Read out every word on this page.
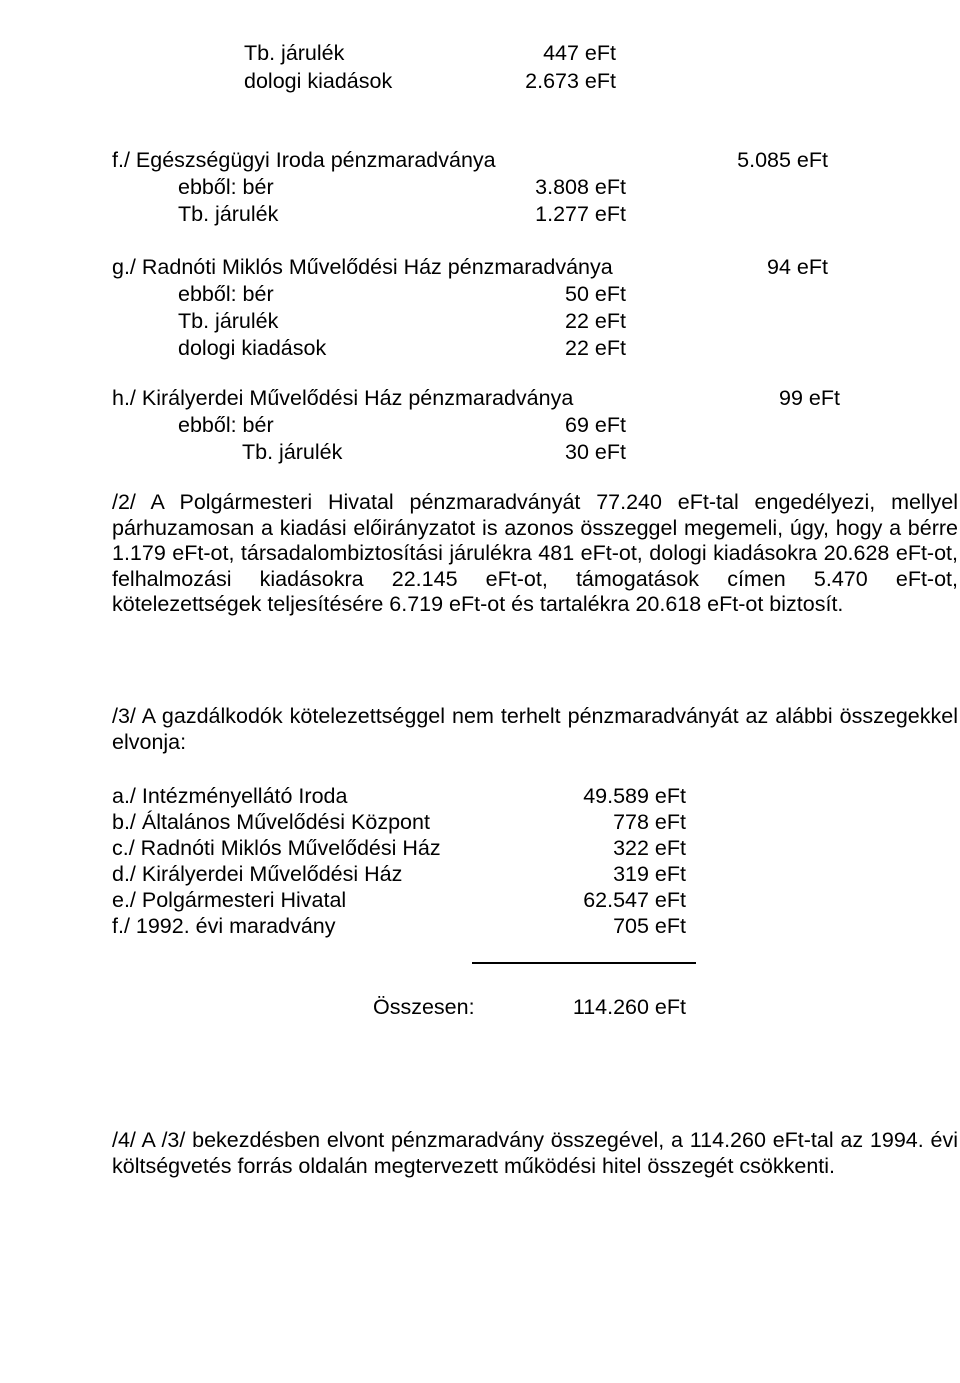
Tb. járulék	447 eFt
dologi kiadások	2.673 eFt
f./ Egészségügyi Iroda pénzmaradványa	5.085 eFt
ebből: bér	3.808 eFt
Tb. járulék	1.277 eFt
g./ Radnóti Miklós Művelődési Ház pénzmaradványa	94 eFt
ebből: bér	50 eFt
Tb. járulék	22 eFt
dologi kiadások	22 eFt
h./ Királyerdei Művelődési Ház pénzmaradványa	99 eFt
ebből: bér	69 eFt
Tb. járulék	30 eFt
/2/ A Polgármesteri Hivatal pénzmaradványát 77.240 eFt-tal engedélyezi, mellyel párhuzamosan a kiadási előirányzatot is azonos összeggel megemeli, úgy, hogy a bérre 1.179 eFt-ot, társadalombiztosítási járulékra 481 eFt-ot, dologi kiadásokra 20.628 eFt-ot, felhalmozási kiadásokra 22.145 eFt-ot, támogatások címen 5.470 eFt-ot, kötelezettségek teljesítésére 6.719 eFt-ot és tartalékra 20.618 eFt-ot biztosít.
/3/ A gazdálkodók kötelezettséggel nem terhelt pénzmaradványát az alábbi összegekkel elvonja:
a./ Intézményellátó Iroda	49.589 eFt
b./ Általános Művelődési Központ	778 eFt
c./ Radnóti Miklós Művelődési Ház	322 eFt
d./ Királyerdei Művelődési Ház	319 eFt
e./ Polgármesteri Hivatal	62.547 eFt
f./ 1992. évi maradvány	705 eFt
Összesen:	114.260 eFt
/4/ A /3/ bekezdésben elvont pénzmaradvány összegével, a 114.260 eFt-tal az 1994. évi költségvetés forrás oldalán megtervezett működési hitel összegét csökkenti.
